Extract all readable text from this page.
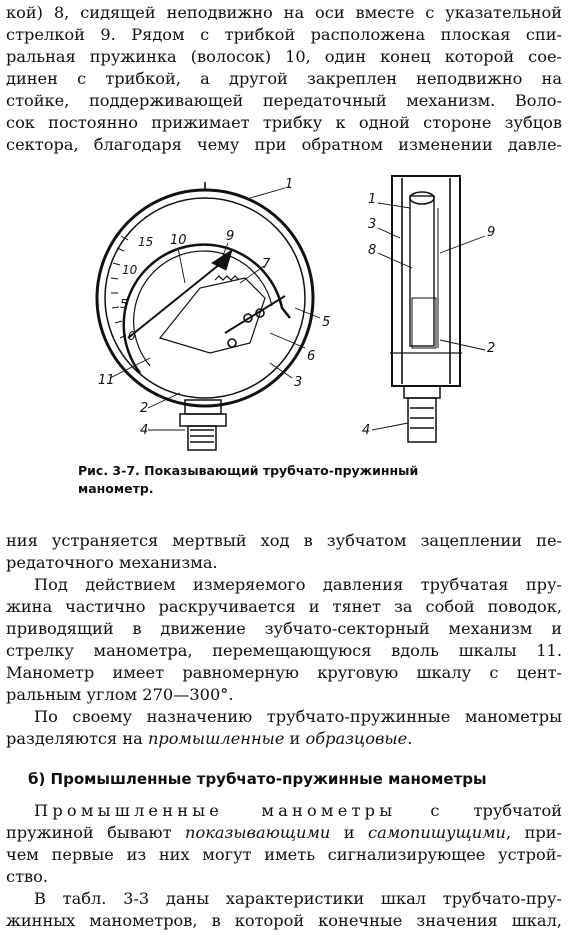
кой) 8, сидящей неподвижно на оси вместе с указательной
стрелкой 9. Рядом с трибкой расположена плоская спи-
ральная пружинка (волосок) 10, один конец которой сое-
динен с трибкой, а другой закреплен неподвижно на
стойке, поддерживающей передаточный механизм. Воло-
сок постоянно прижимает трибку к одной стороне зубцов
сектора, благодаря чему при обратном изменении давле-
15
10
5
0
1
10	9
7
5
6
3
11
2
4
1
3
8
9
2
4
Рис. 3-7. Показывающий трубчато-пружинный
манометр.
ния устраняется мертвый ход в зубчатом зацеплении пе-
редаточного механизма.
Под действием измеряемого давления трубчатая пру-
жина частично раскручивается и тянет за собой поводок,
приводящий в движение зубчато-секторный механизм и
стрелку манометра, перемещающуюся вдоль шкалы 11.
Манометр имеет равномерную круговую шкалу с цент-
ральным углом 270—300°.
По своему назначению трубчато-пружинные манометры
разделяются на промышленные и образцовые.
б) Промышленные трубчато-пружинные манометры
Промышленные манометры с трубчатой
пружиной бывают показывающими и самопишущими, при-
чем первые из них могут иметь сигнализирующее устрой-
ство.
В табл. 3-3 даны характеристики шкал трубчато-пру-
жинных манометров, в которой конечные значения шкал,
